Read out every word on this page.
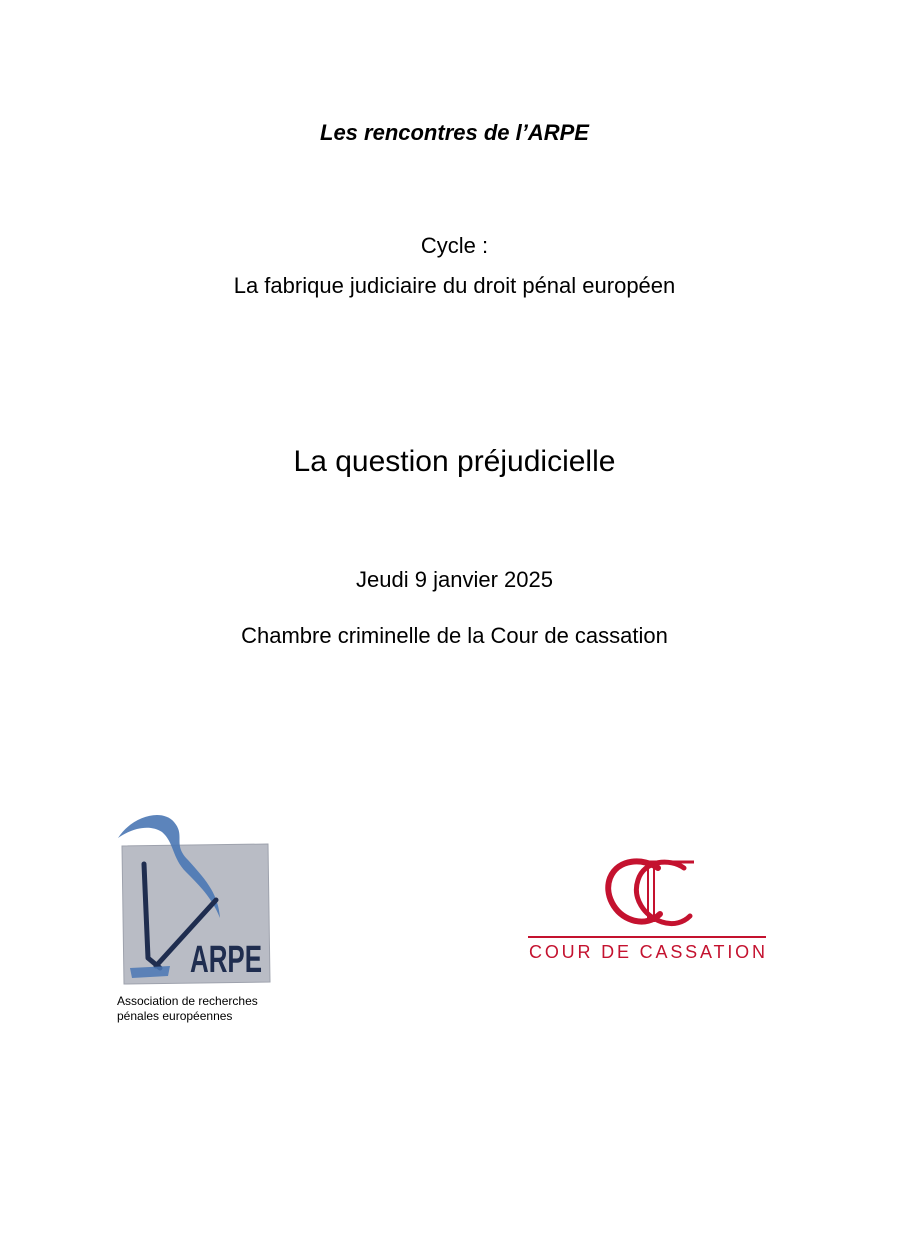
Les rencontres de l’ARPE
Cycle :
La fabrique judiciaire du droit pénal européen
La question préjudicielle
Jeudi 9 janvier 2025
Chambre criminelle de la Cour de cassation
ARPE
Association de recherches
pénales européennes
COUR DE CASSATION
